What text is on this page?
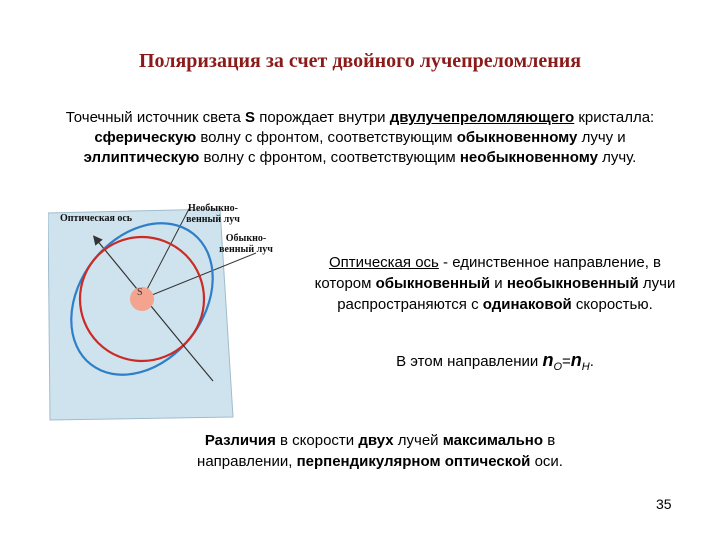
Поляризация за счет двойного лучепреломления
Точечный источник света S порождает внутри двулучепреломляющего кристалла:
сферическую волну с фронтом, соответствующим обыкновенному лучу и
эллиптическую волну с фронтом, соответствующим необыкновенному лучу.
S
Оптическая ось
Необыкно-
венный луч
Обыкно-
венный луч
Оптическая ось - единственное направление, в
котором обыкновенный и необыкновенный лучи
распространяются с одинаковой скоростью.
В этом направлении $n_O=n_H$.
Различия в скорости двух лучей максимально в
направлении, перпендикулярном оптической оси.
35
